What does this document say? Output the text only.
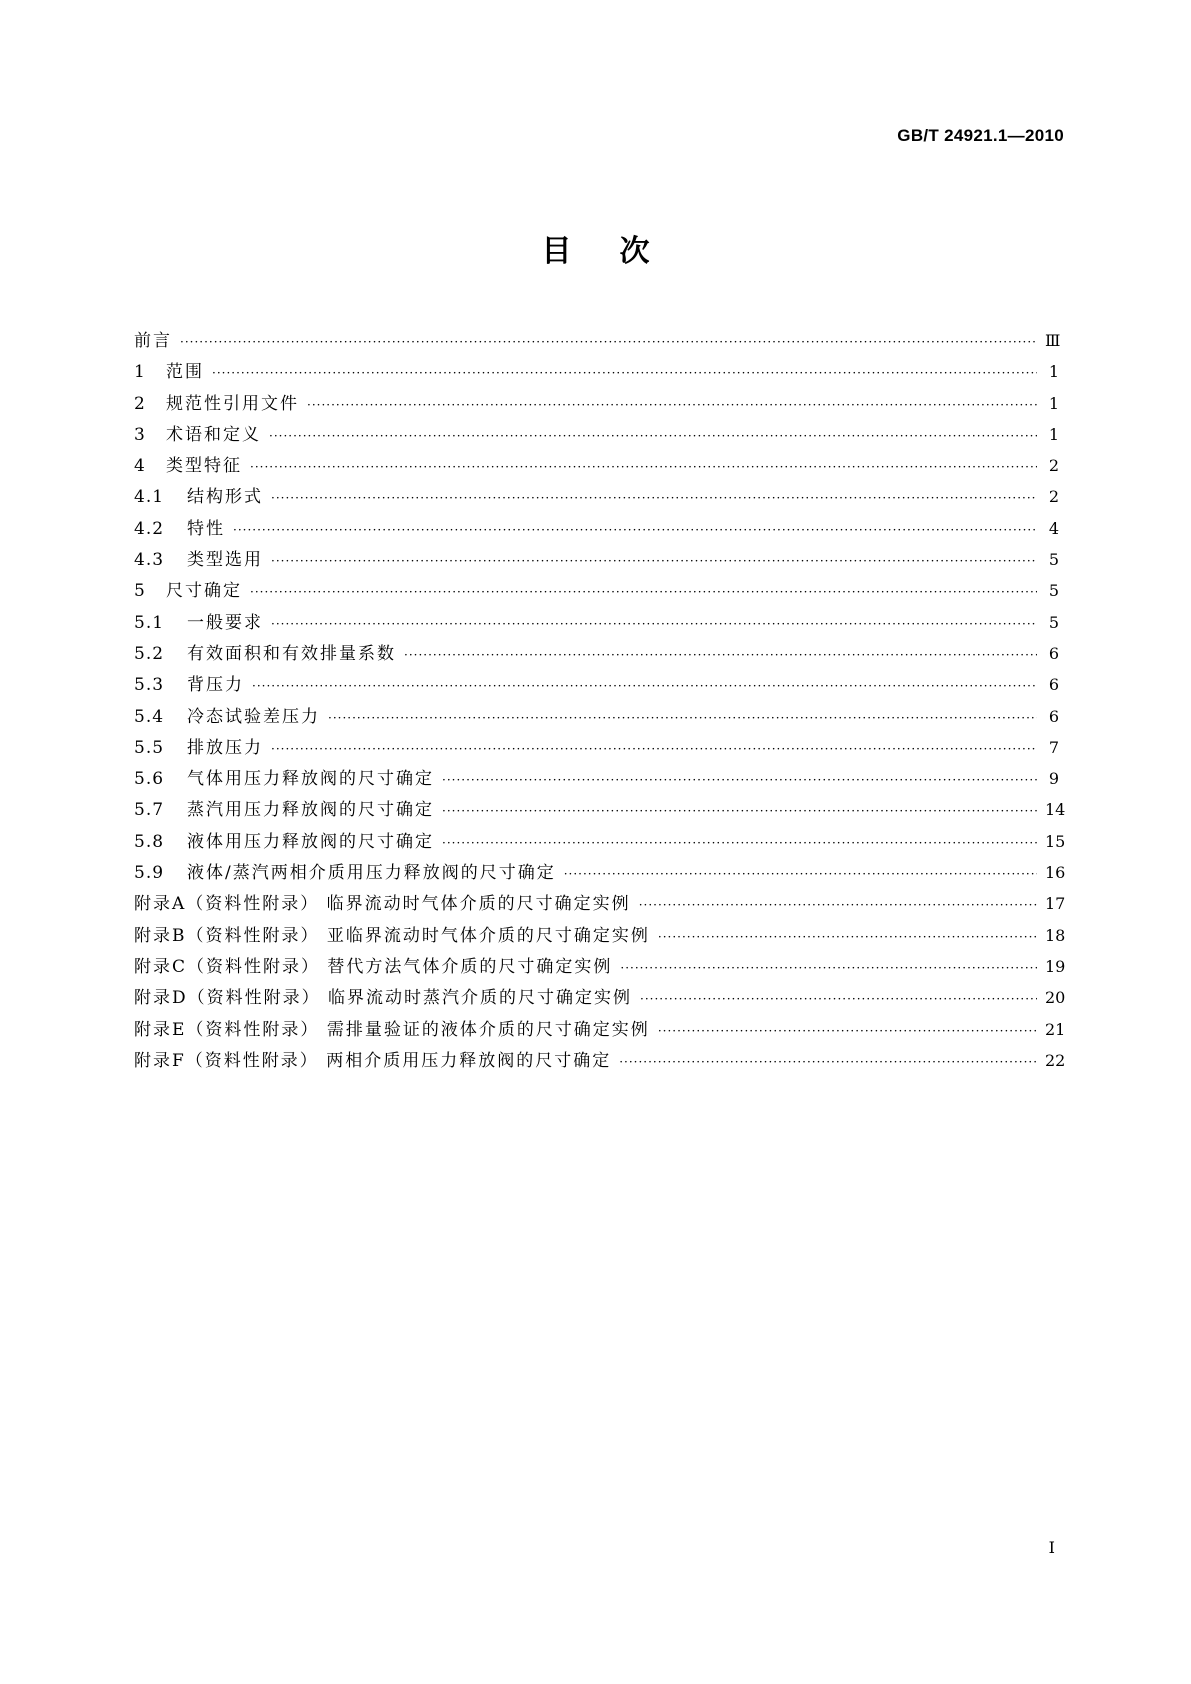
GB/T 24921.1—2010
目次
前言 ·····	Ⅲ
1	范围 ·····	1
2	规范性引用文件 ·····	1
3	术语和定义 ·····	1
4	类型特征 ·····	2
4.1	结构形式 ·····	2
4.2	特性 ·····	4
4.3	类型选用 ·····	5
5	尺寸确定 ·····	5
5.1	一般要求 ·····	5
5.2	有效面积和有效排量系数 ·····	6
5.3	背压力 ·····	6
5.4	冷态试验差压力 ·····	6
5.5	排放压力 ·····	7
5.6	气体用压力释放阀的尺寸确定 ·····	9
5.7	蒸汽用压力释放阀的尺寸确定 ·····	14
5.8	液体用压力释放阀的尺寸确定 ·····	15
5.9	液体/蒸汽两相介质用压力释放阀的尺寸确定 ·····	16
附录A（资料性附录） 临界流动时气体介质的尺寸确定实例 ·····	17
附录B（资料性附录） 亚临界流动时气体介质的尺寸确定实例 ·····	18
附录C（资料性附录） 替代方法气体介质的尺寸确定实例 ·····	19
附录D（资料性附录） 临界流动时蒸汽介质的尺寸确定实例 ·····	20
附录E（资料性附录） 需排量验证的液体介质的尺寸确定实例 ·····	21
附录F（资料性附录） 两相介质用压力释放阀的尺寸确定 ·····	22
I
